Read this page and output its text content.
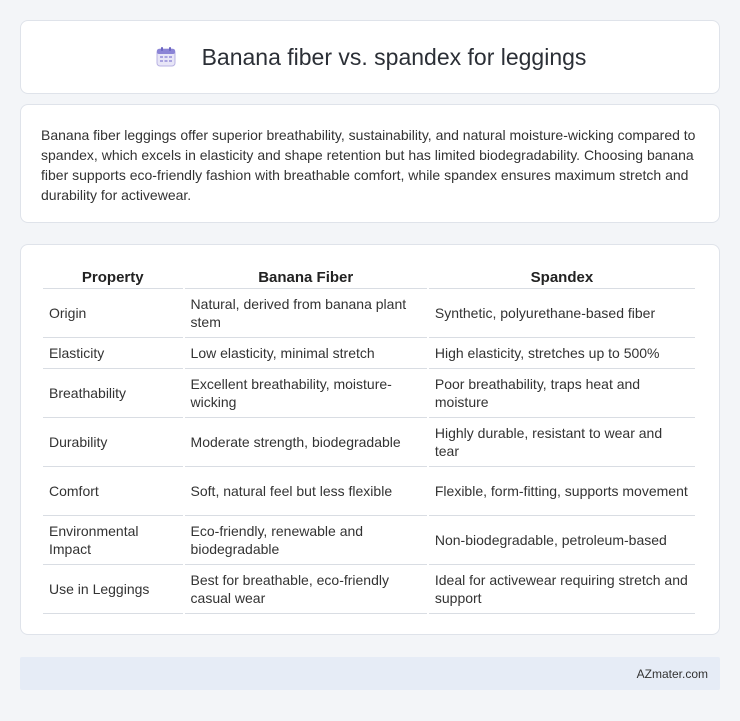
Banana fiber vs. spandex for leggings

Banana fiber leggings offer superior breathability, sustainability, and natural moisture-wicking compared to spandex, which excels in elasticity and shape retention but has limited biodegradability. Choosing banana fiber supports eco-friendly fashion with breathable comfort, while spandex ensures maximum stretch and durability for activewear.

Property	Banana Fiber	Spandex
Origin	Natural, derived from banana plant stem	Synthetic, polyurethane-based fiber
Elasticity	Low elasticity, minimal stretch	High elasticity, stretches up to 500%
Breathability	Excellent breathability, moisture-wicking	Poor breathability, traps heat and moisture
Durability	Moderate strength, biodegradable	Highly durable, resistant to wear and tear
Comfort	Soft, natural feel but less flexible	Flexible, form-fitting, supports movement
Environmental Impact	Eco-friendly, renewable and biodegradable	Non-biodegradable, petroleum-based
Use in Leggings	Best for breathable, eco-friendly casual wear	Ideal for activewear requiring stretch and support
AZmater.com
